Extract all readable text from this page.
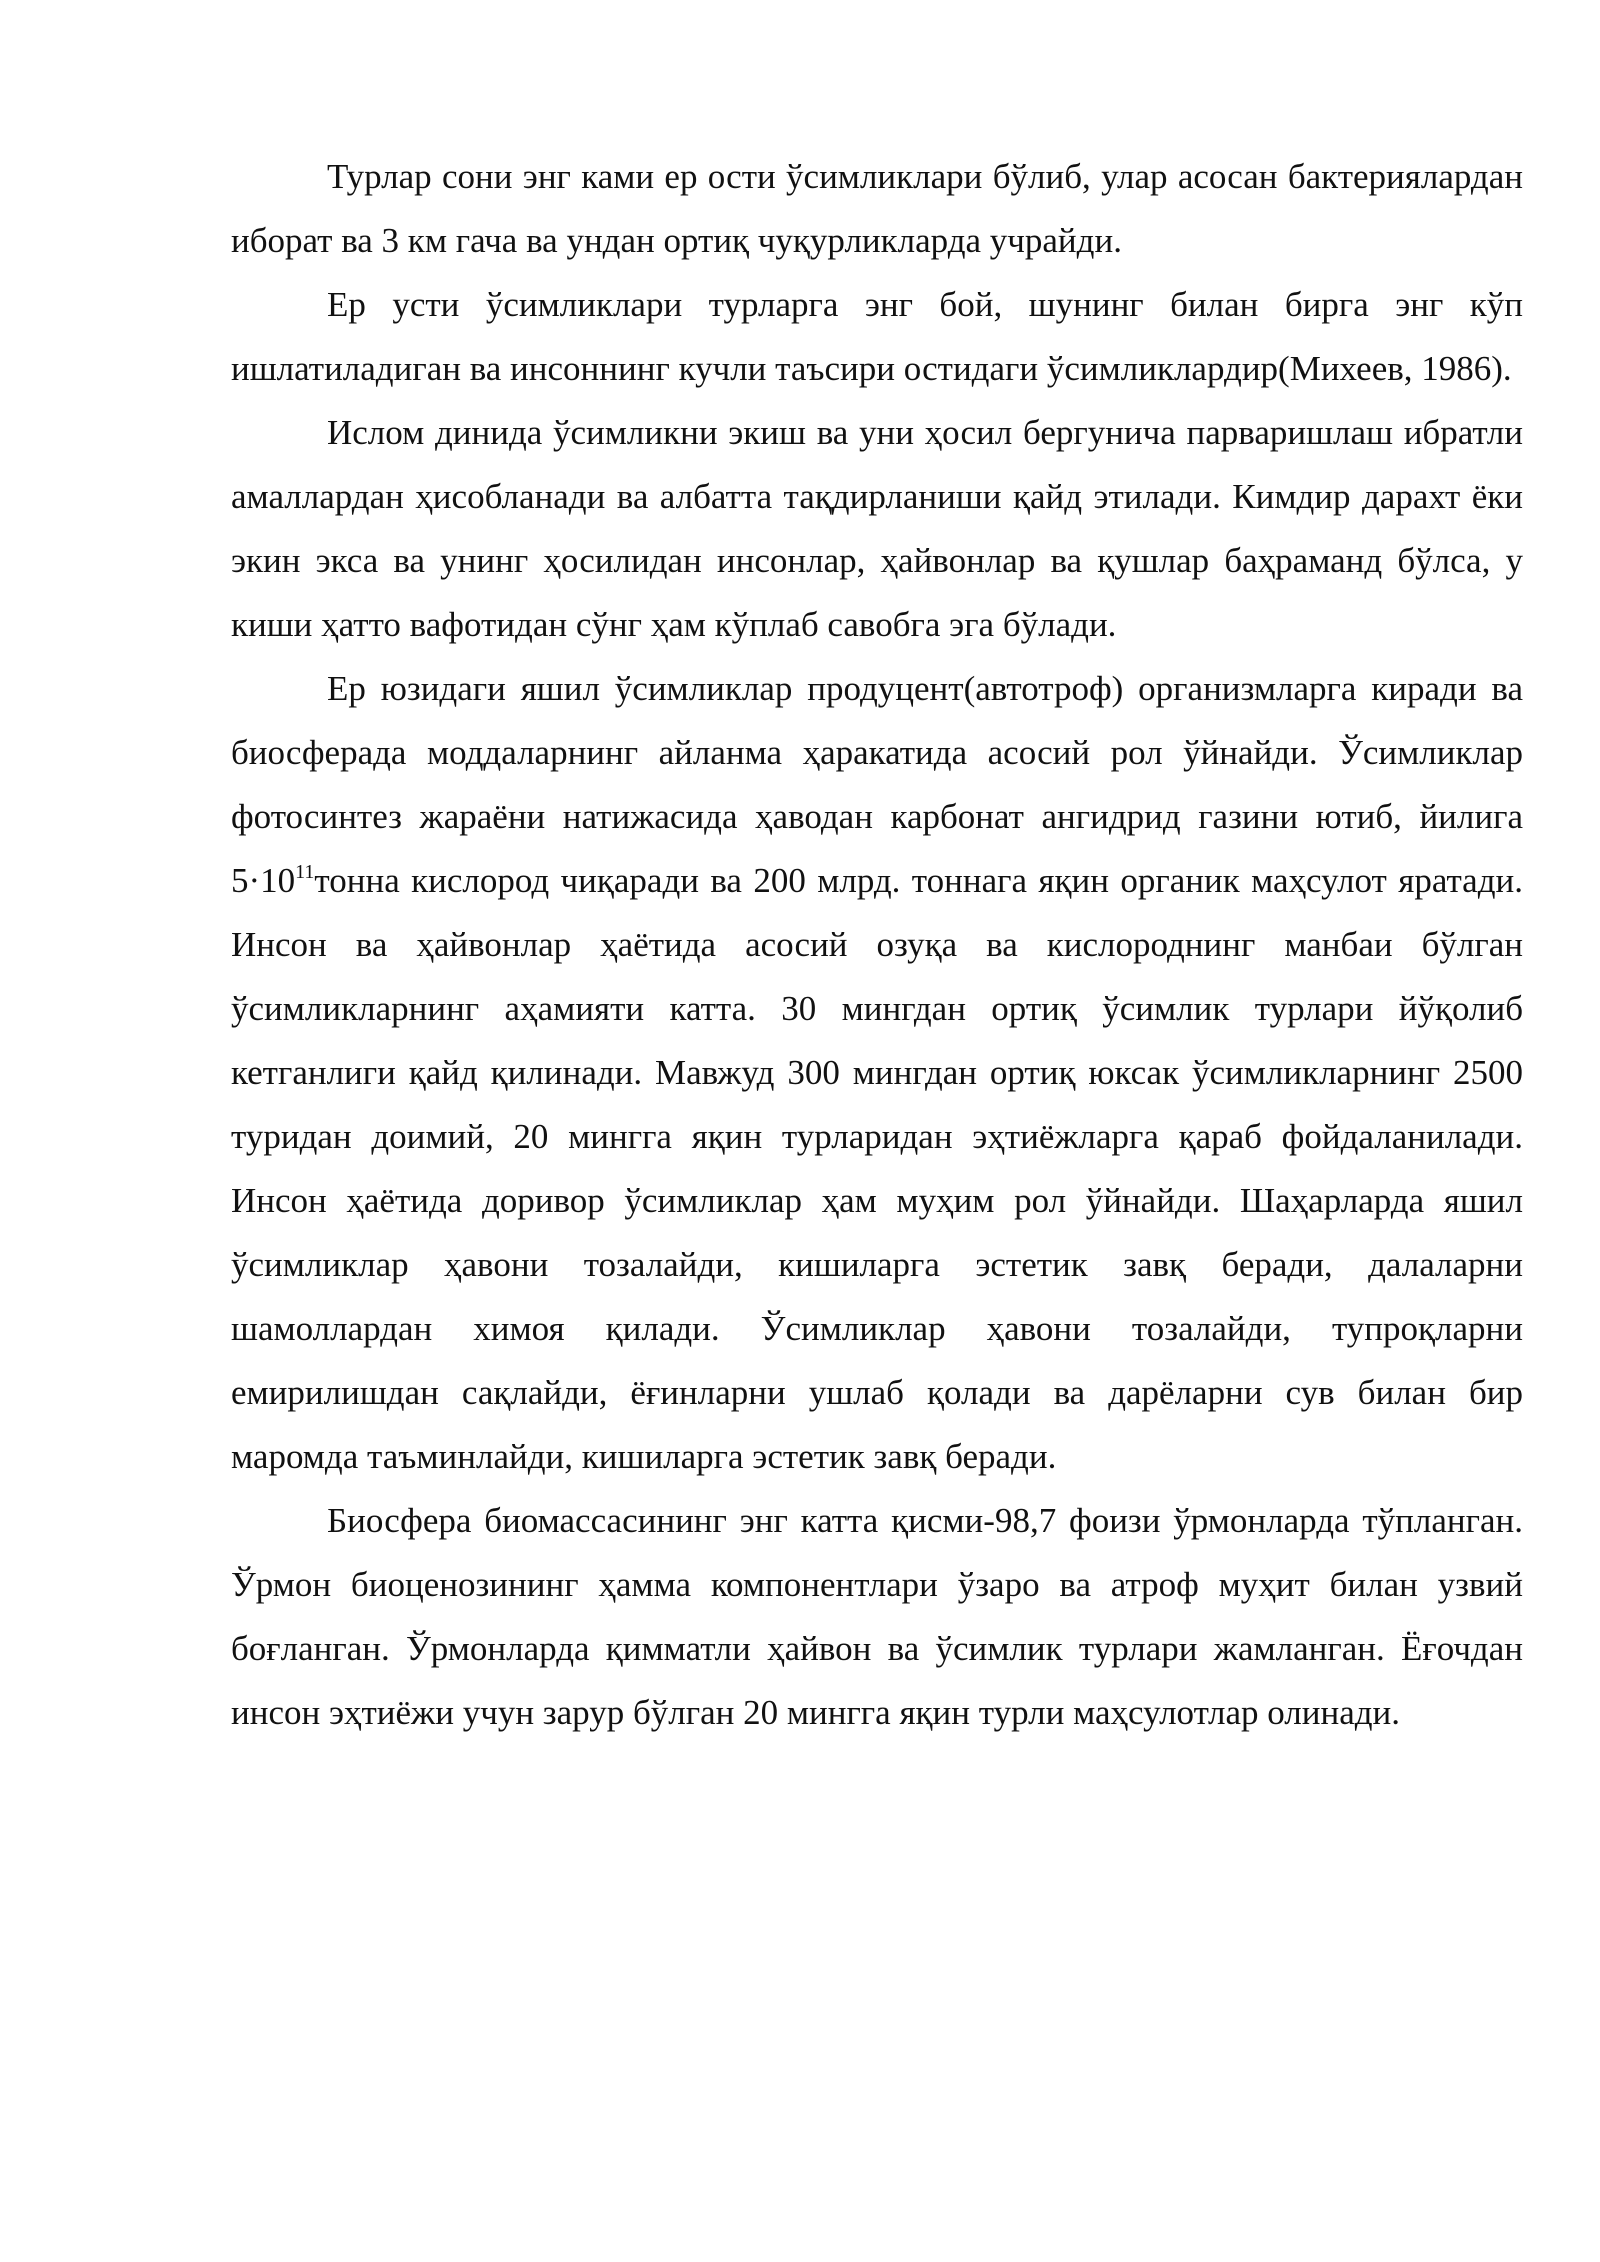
Турлар сони энг ками ер ости ўсимликлари бўлиб, улар асосан бактериялардан иборат ва 3 км гача ва ундан ортиқ чуқурликларда учрайди.

Ер усти ўсимликлари турларга энг бой, шунинг билан бирга энг кўп ишлатиладиган ва инсоннинг кучли таъсири остидаги ўсимликлардир(Михеев, 1986).

Ислом динида ўсимликни экиш ва уни ҳосил бергунича парваришлаш ибратли амаллардан ҳисобланади ва албатта тақдирланиши қайд этилади. Кимдир дарахт ёки экин экса ва унинг ҳосилидан инсонлар, ҳайвонлар ва қушлар баҳраманд бўлса, у киши ҳатто вафотидан сўнг ҳам кўплаб савобга эга бўлади.

Ер юзидаги яшил ўсимликлар продуцент(автотроф) организмларга киради ва биосферада моддаларнинг айланма ҳаракатида асосий рол ўйнайди. Ўсимликлар фотосинтез жараёни натижасида ҳаводан карбонат ангидрид газини ютиб, йилига $5\cdot 10^{11}тонна$ кислород чиқаради ва 200 млрд. тоннага яқин органик маҳсулот яратади. Инсон ва ҳайвонлар ҳаётида асосий озуқа ва кислороднинг манбаи бўлган ўсимликларнинг аҳамияти катта. 30 мингдан ортиқ ўсимлик турлари йўқолиб кетганлиги қайд қилинади. Мавжуд 300 мингдан ортиқ юксак ўсимликларнинг 2500 туридан доимий, 20 мингга яқин турларидан эҳтиёжларга қараб фойдаланилади. Инсон ҳаётида доривор ўсимликлар ҳам муҳим рол ўйнайди. Шаҳарларда яшил ўсимликлар ҳавони тозалайди, кишиларга эстетик завқ беради, далаларни шамоллардан химоя қилади. Ўсимликлар ҳавони тозалайди, тупроқларни емирилишдан сақлайди, ёғинларни ушлаб қолади ва дарёларни сув билан бир маромда таъминлайди, кишиларга эстетик завқ беради.

Биосфера биомассасининг энг катта қисми-98,7 фоизи ўрмонларда тўпланган. Ўрмон биоценозининг ҳамма компонентлари ўзаро ва атроф муҳит билан узвий боғланган. Ўрмонларда қимматли ҳайвон ва ўсимлик турлари жамланган. Ёғочдан инсон эҳтиёжи учун зарур бўлган 20 мингга яқин турли маҳсулотлар олинади.
